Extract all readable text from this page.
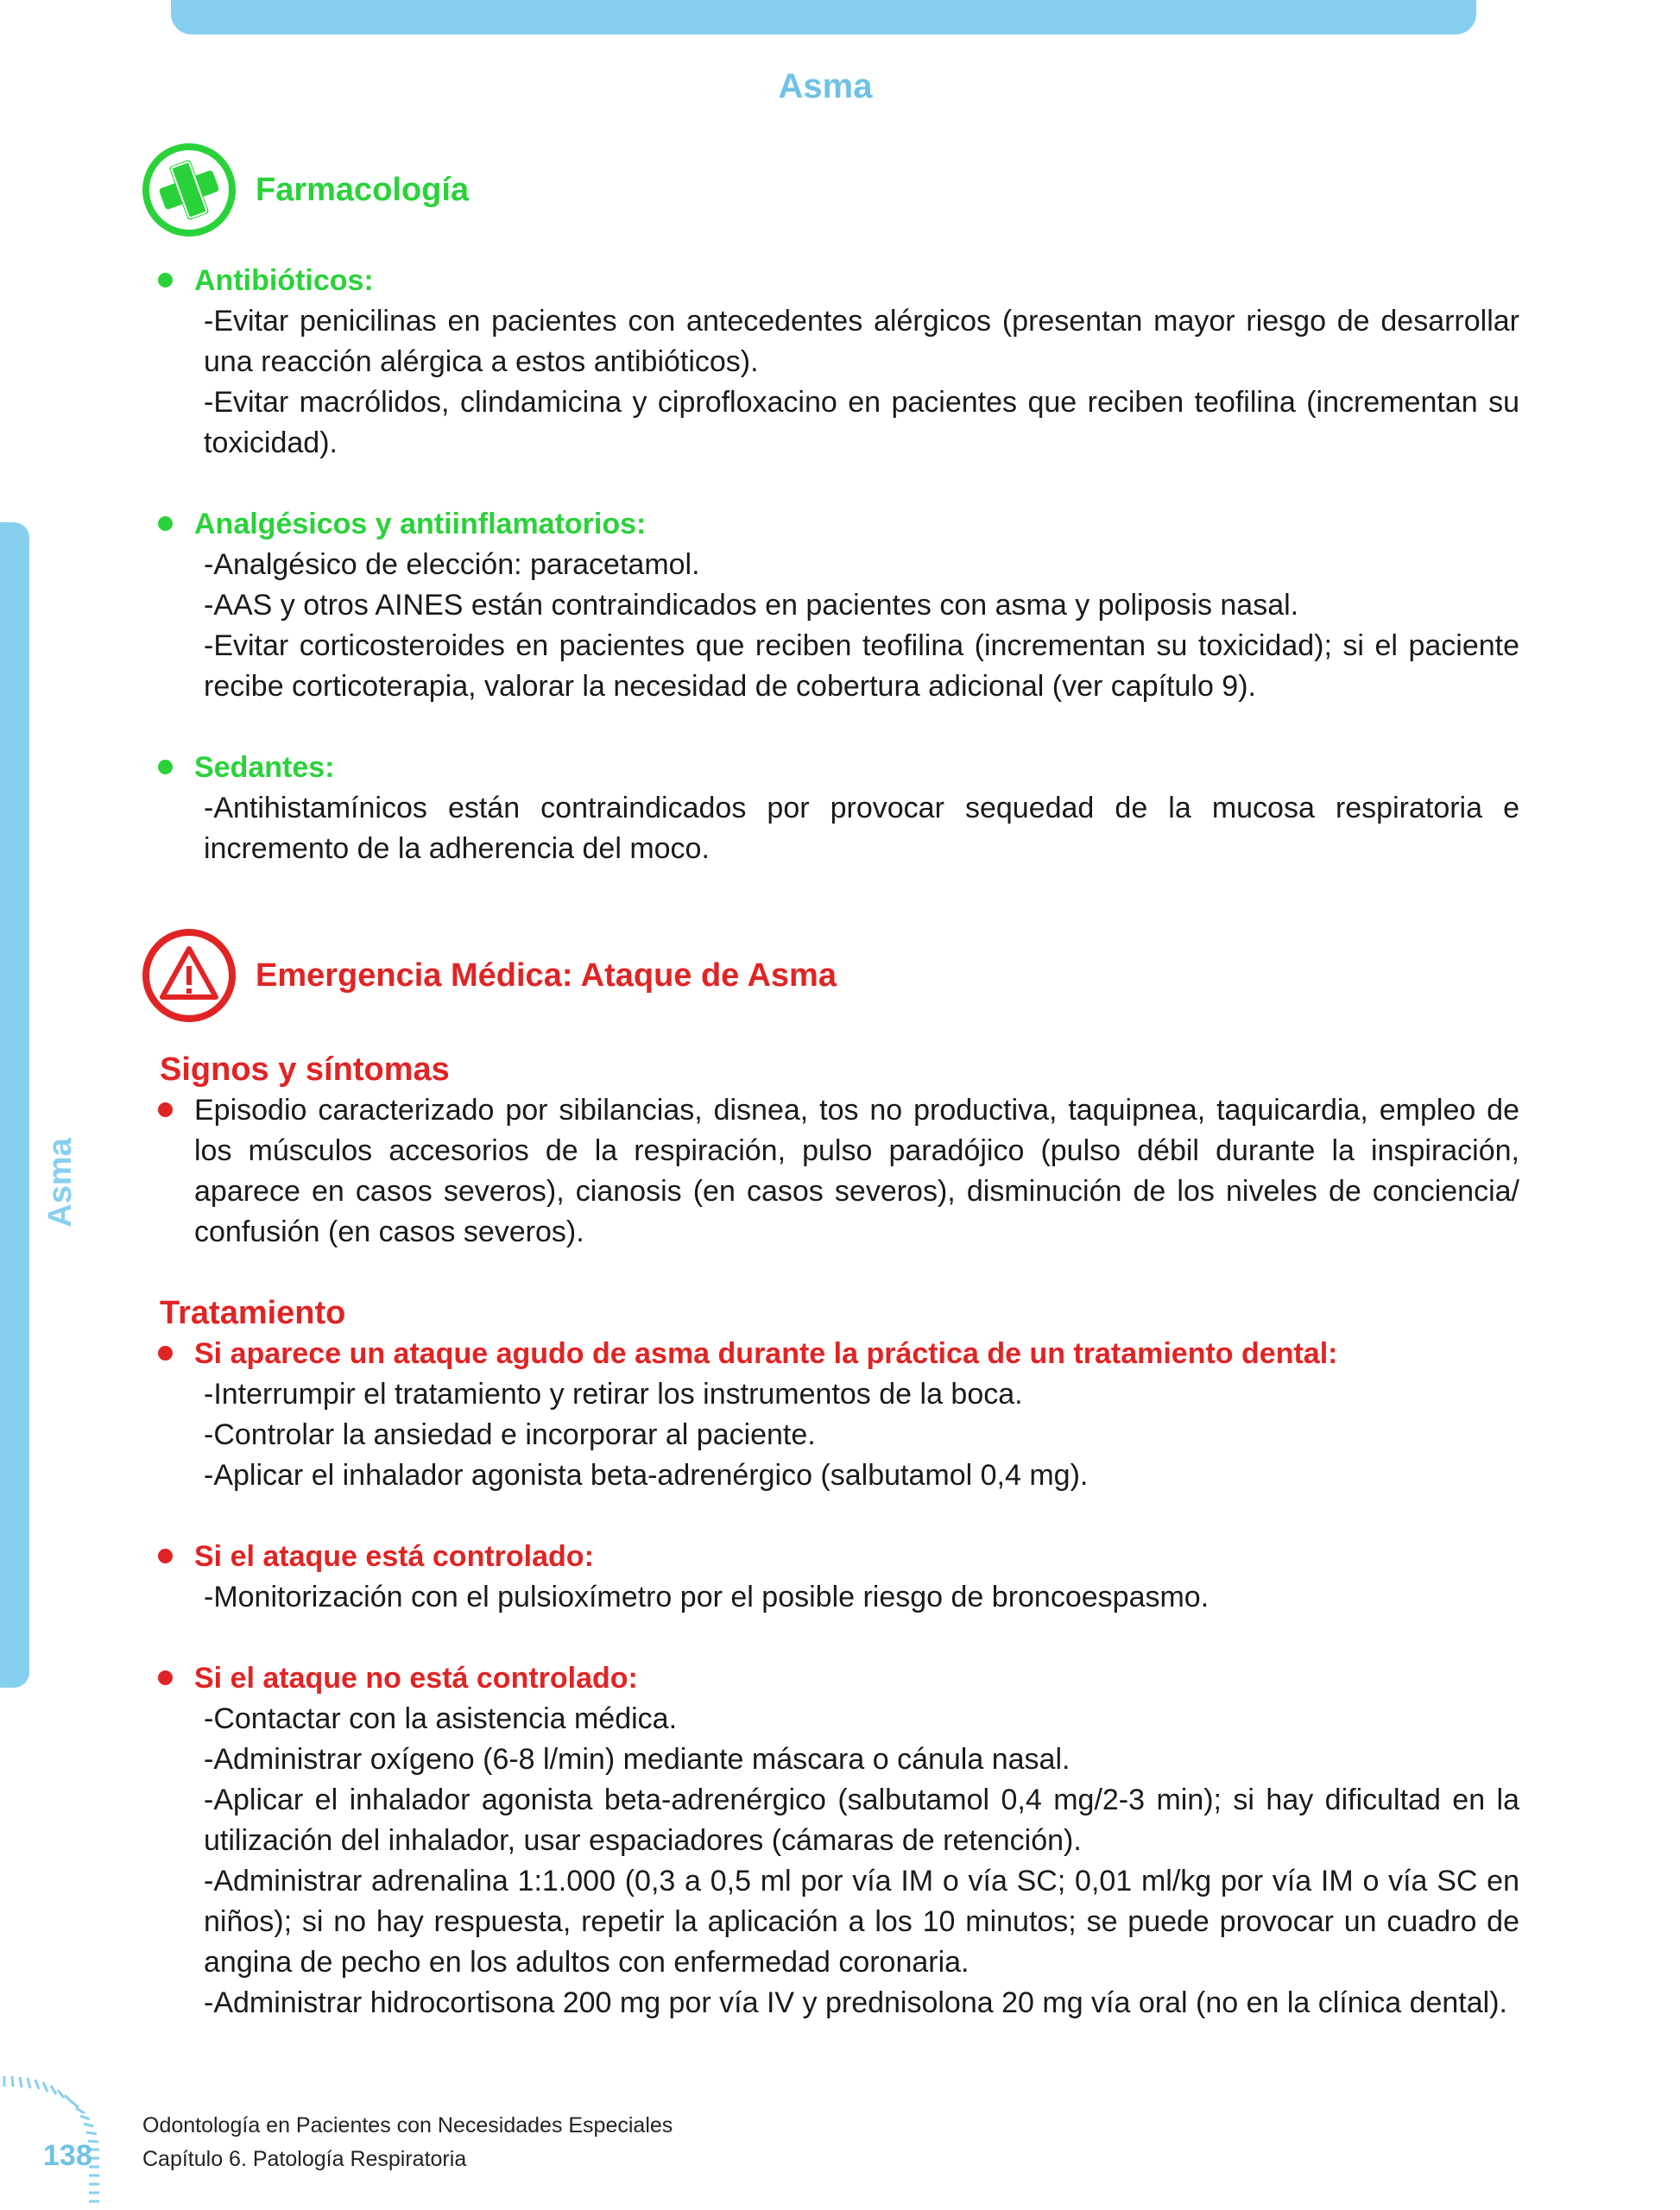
Asma
Asma
Farmacología
Antibióticos:
-Evitar penicilinas en pacientes con antecedentes alérgicos (presentan mayor riesgo de desarrollar una reacción alérgica a estos antibióticos).
-Evitar macrólidos, clindamicina y ciprofloxacino en pacientes que reciben teofilina (incrementan su toxicidad).
Analgésicos y antiinflamatorios:
-Analgésico de elección: paracetamol.
-AAS y otros AINES están contraindicados en pacientes con asma y poliposis nasal.
-Evitar corticosteroides en pacientes que reciben teofilina (incrementan su toxicidad); si el paciente recibe corticoterapia, valorar la necesidad de cobertura adicional (ver capítulo 9).
Sedantes:
-Antihistamínicos están contraindicados por provocar sequedad de la mucosa respiratoria e incremento de la adherencia del moco.
Emergencia Médica: Ataque de Asma
Signos y síntomas
Episodio caracterizado por sibilancias, disnea, tos no productiva, taquipnea, taquicardia, empleo de los músculos accesorios de la respiración, pulso paradójico (pulso débil durante la inspiración, aparece en casos severos), cianosis (en casos severos), disminución de los niveles de conciencia/ confusión (en casos severos).
Tratamiento
Si aparece un ataque agudo de asma durante la práctica de un tratamiento dental:
-Interrumpir el tratamiento y retirar los instrumentos de la boca.
-Controlar la ansiedad e incorporar al paciente.
-Aplicar el inhalador agonista beta-adrenérgico (salbutamol 0,4 mg).
Si el ataque está controlado:
-Monitorización con el pulsioxímetro por el posible riesgo de broncoespasmo.
Si el ataque no está controlado:
-Contactar con la asistencia médica.
-Administrar oxígeno (6-8 l/min) mediante máscara o cánula nasal.
-Aplicar el inhalador agonista beta-adrenérgico (salbutamol 0,4 mg/2-3 min); si hay dificultad en la utilización del inhalador, usar espaciadores (cámaras de retención).
-Administrar adrenalina 1:1.000 (0,3 a 0,5 ml por vía IM o vía SC; 0,01 ml/kg por vía IM o vía SC en niños); si no hay respuesta, repetir la aplicación a los 10 minutos; se puede provocar un cuadro de angina de pecho en los adultos con enfermedad coronaria.
-Administrar hidrocortisona 200 mg por vía IV y prednisolona 20 mg vía oral (no en la clínica dental).
138
Odontología en Pacientes con Necesidades Especiales
Capítulo 6. Patología Respiratoria
